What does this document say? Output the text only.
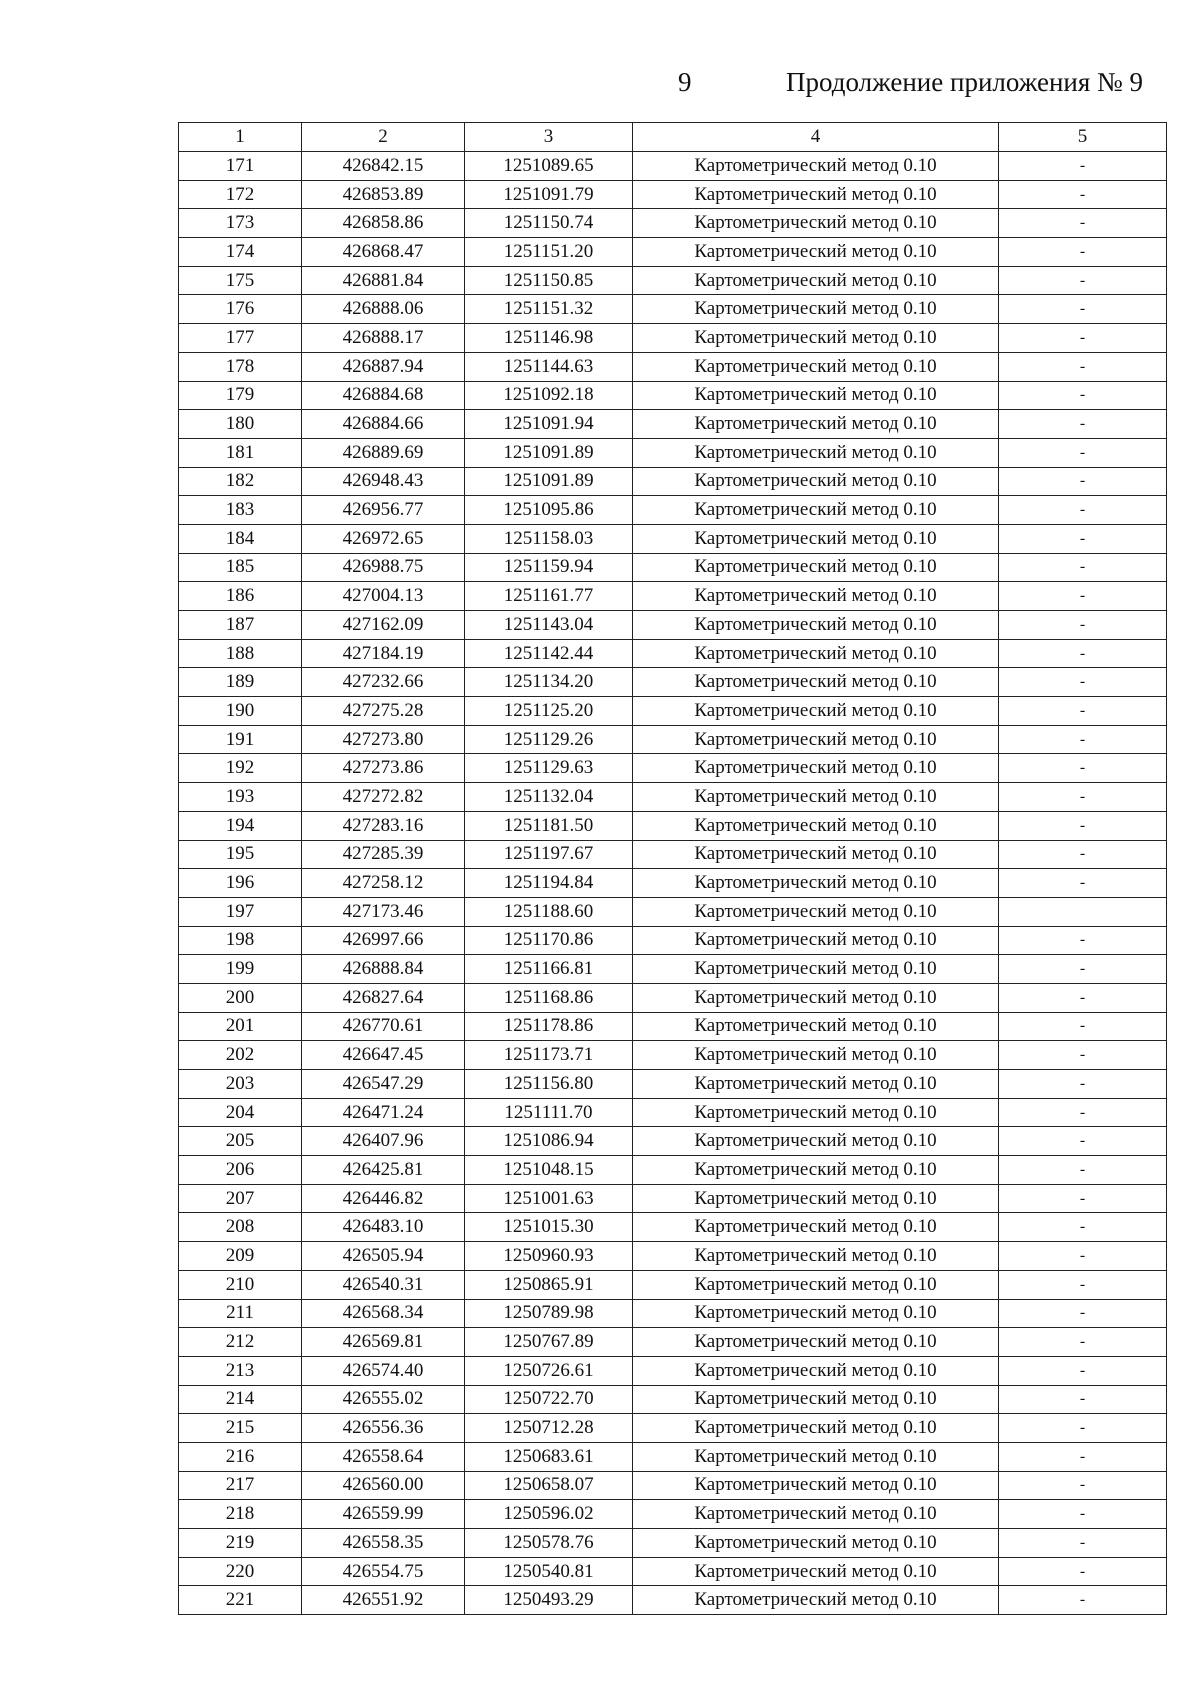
9	Продолжение приложения № 9
1	2	3	4	5
171	426842.15	1251089.65	Картометрический метод 0.10	-
172	426853.89	1251091.79	Картометрический метод 0.10	-
173	426858.86	1251150.74	Картометрический метод 0.10	-
174	426868.47	1251151.20	Картометрический метод 0.10	-
175	426881.84	1251150.85	Картометрический метод 0.10	-
176	426888.06	1251151.32	Картометрический метод 0.10	-
177	426888.17	1251146.98	Картометрический метод 0.10	-
178	426887.94	1251144.63	Картометрический метод 0.10	-
179	426884.68	1251092.18	Картометрический метод 0.10	-
180	426884.66	1251091.94	Картометрический метод 0.10	-
181	426889.69	1251091.89	Картометрический метод 0.10	-
182	426948.43	1251091.89	Картометрический метод 0.10	-
183	426956.77	1251095.86	Картометрический метод 0.10	-
184	426972.65	1251158.03	Картометрический метод 0.10	-
185	426988.75	1251159.94	Картометрический метод 0.10	-
186	427004.13	1251161.77	Картометрический метод 0.10	-
187	427162.09	1251143.04	Картометрический метод 0.10	-
188	427184.19	1251142.44	Картометрический метод 0.10	-
189	427232.66	1251134.20	Картометрический метод 0.10	-
190	427275.28	1251125.20	Картометрический метод 0.10	-
191	427273.80	1251129.26	Картометрический метод 0.10	-
192	427273.86	1251129.63	Картометрический метод 0.10	-
193	427272.82	1251132.04	Картометрический метод 0.10	-
194	427283.16	1251181.50	Картометрический метод 0.10	-
195	427285.39	1251197.67	Картометрический метод 0.10	-
196	427258.12	1251194.84	Картометрический метод 0.10	-
197	427173.46	1251188.60	Картометрический метод 0.10	
198	426997.66	1251170.86	Картометрический метод 0.10	-
199	426888.84	1251166.81	Картометрический метод 0.10	-
200	426827.64	1251168.86	Картометрический метод 0.10	-
201	426770.61	1251178.86	Картометрический метод 0.10	-
202	426647.45	1251173.71	Картометрический метод 0.10	-
203	426547.29	1251156.80	Картометрический метод 0.10	-
204	426471.24	1251111.70	Картометрический метод 0.10	-
205	426407.96	1251086.94	Картометрический метод 0.10	-
206	426425.81	1251048.15	Картометрический метод 0.10	-
207	426446.82	1251001.63	Картометрический метод 0.10	-
208	426483.10	1251015.30	Картометрический метод 0.10	-
209	426505.94	1250960.93	Картометрический метод 0.10	-
210	426540.31	1250865.91	Картометрический метод 0.10	-
211	426568.34	1250789.98	Картометрический метод 0.10	-
212	426569.81	1250767.89	Картометрический метод 0.10	-
213	426574.40	1250726.61	Картометрический метод 0.10	-
214	426555.02	1250722.70	Картометрический метод 0.10	-
215	426556.36	1250712.28	Картометрический метод 0.10	-
216	426558.64	1250683.61	Картометрический метод 0.10	-
217	426560.00	1250658.07	Картометрический метод 0.10	-
218	426559.99	1250596.02	Картометрический метод 0.10	-
219	426558.35	1250578.76	Картометрический метод 0.10	-
220	426554.75	1250540.81	Картометрический метод 0.10	-
221	426551.92	1250493.29	Картометрический метод 0.10	-
